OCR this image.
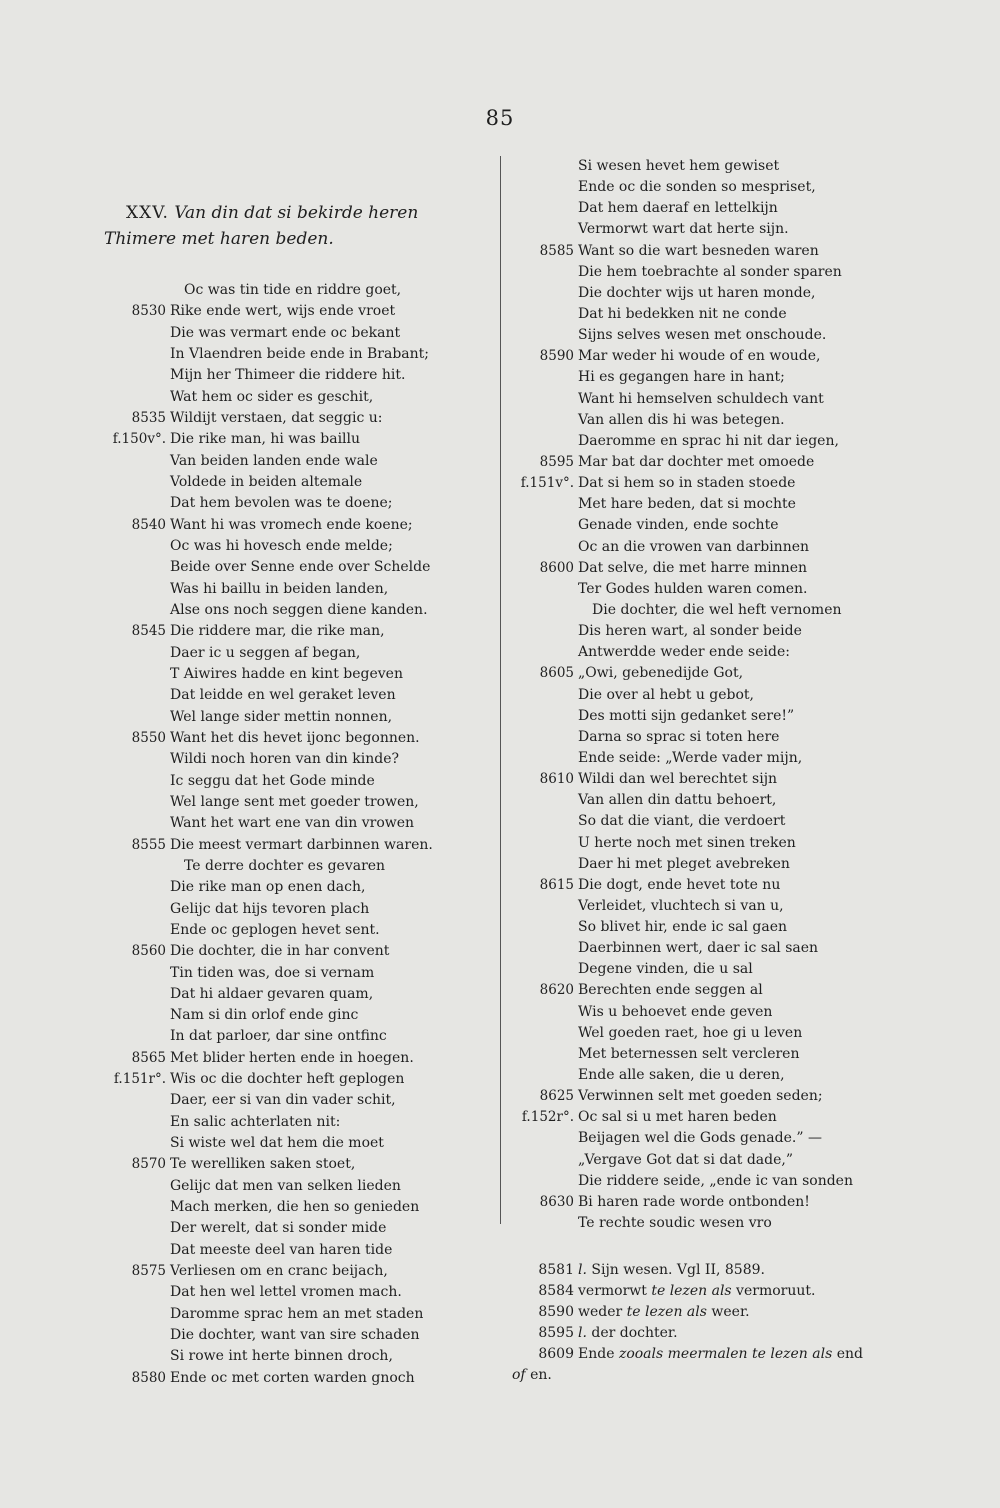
85
XXV. Van din dat si bekirde heren
Thimere met haren beden.
Oc was tin tide en riddre goet,
8530 Rike ende wert, wijs ende vroet
Die was vermart ende oc bekant
In Vlaendren beide ende in Brabant;
Mijn her Thimeer die riddere hit.
Wat hem oc sider es geschit,
8535 Wildijt verstaen, dat seggic u:
f.150v°. Die rike man, hi was baillu
Van beiden landen ende wale
Voldede in beiden altemale
Dat hem bevolen was te doene;
8540 Want hi was vromech ende koene;
Oc was hi hovesch ende melde;
Beide over Senne ende over Schelde
Was hi baillu in beiden landen,
Alse ons noch seggen diene kanden.
8545 Die riddere mar, die rike man,
Daer ic u seggen af began,
T Aiwires hadde en kint begeven
Dat leidde en wel geraket leven
Wel lange sider mettin nonnen,
8550 Want het dis hevet ijonc begonnen.
Wildi noch horen van din kinde?
Ic seggu dat het Gode minde
Wel lange sent met goeder trowen,
Want het wart ene van din vrowen
8555 Die meest vermart darbinnen waren.
Te derre dochter es gevaren
Die rike man op enen dach,
Gelijc dat hijs tevoren plach
Ende oc geplogen hevet sent.
8560 Die dochter, die in har convent
Tin tiden was, doe si vernam
Dat hi aldaer gevaren quam,
Nam si din orlof ende ginc
In dat parloer, dar sine ontfinc
8565 Met blider herten ende in hoegen.
f.151r°. Wis oc die dochter heft geplogen
Daer, eer si van din vader schit,
En salic achterlaten nit:
Si wiste wel dat hem die moet
8570 Te werelliken saken stoet,
Gelijc dat men van selken lieden
Mach merken, die hen so genieden
Der werelt, dat si sonder mide
Dat meeste deel van haren tide
8575 Verliesen om en cranc beijach,
Dat hen wel lettel vromen mach.
Daromme sprac hem an met staden
Die dochter, want van sire schaden
Si rowe int herte binnen droch,
8580 Ende oc met corten warden gnoch
Si wesen hevet hem gewiset
Ende oc die sonden so mespriset,
Dat hem daeraf en lettelkijn
Vermorwt wart dat herte sijn.
8585 Want so die wart besneden waren
Die hem toebrachte al sonder sparen
Die dochter wijs ut haren monde,
Dat hi bedekken nit ne conde
Sijns selves wesen met onschoude.
8590 Mar weder hi woude of en woude,
Hi es gegangen hare in hant;
Want hi hemselven schuldech vant
Van allen dis hi was betegen.
Daeromme en sprac hi nit dar iegen,
8595 Mar bat dar dochter met omoede
f.151v°. Dat si hem so in staden stoede
Met hare beden, dat si mochte
Genade vinden, ende sochte
Oc an die vrowen van darbinnen
8600 Dat selve, die met harre minnen
Ter Godes hulden waren comen.
Die dochter, die wel heft vernomen
Dis heren wart, al sonder beide
Antwerdde weder ende seide:
8605 „Owi, gebenedijde Got,
Die over al hebt u gebot,
Des motti sijn gedanket sere!”
Darna so sprac si toten here
Ende seide: „Werde vader mijn,
8610 Wildi dan wel berechtet sijn
Van allen din dattu behoert,
So dat die viant, die verdoert
U herte noch met sinen treken
Daer hi met pleget avebreken
8615 Die dogt, ende hevet tote nu
Verleidet, vluchtech si van u,
So blivet hir, ende ic sal gaen
Daerbinnen wert, daer ic sal saen
Degene vinden, die u sal
8620 Berechten ende seggen al
Wis u behoevet ende geven
Wel goeden raet, hoe gi u leven
Met beternessen selt vercleren
Ende alle saken, die u deren,
8625 Verwinnen selt met goeden seden;
f.152r°. Oc sal si u met haren beden
Beijagen wel die Gods genade.” —
„Vergave Got dat si dat dade,”
Die riddere seide, „ende ic van sonden
8630 Bi haren rade worde ontbonden!
Te rechte soudic wesen vro
8581 l. Sijn wesen. Vgl II, 8589.
8584 vermorwt te lezen als vermoruut.
8590 weder te lezen als weer.
8595 l. der dochter.
8609 Ende zooals meermalen te lezen als end
of en.
